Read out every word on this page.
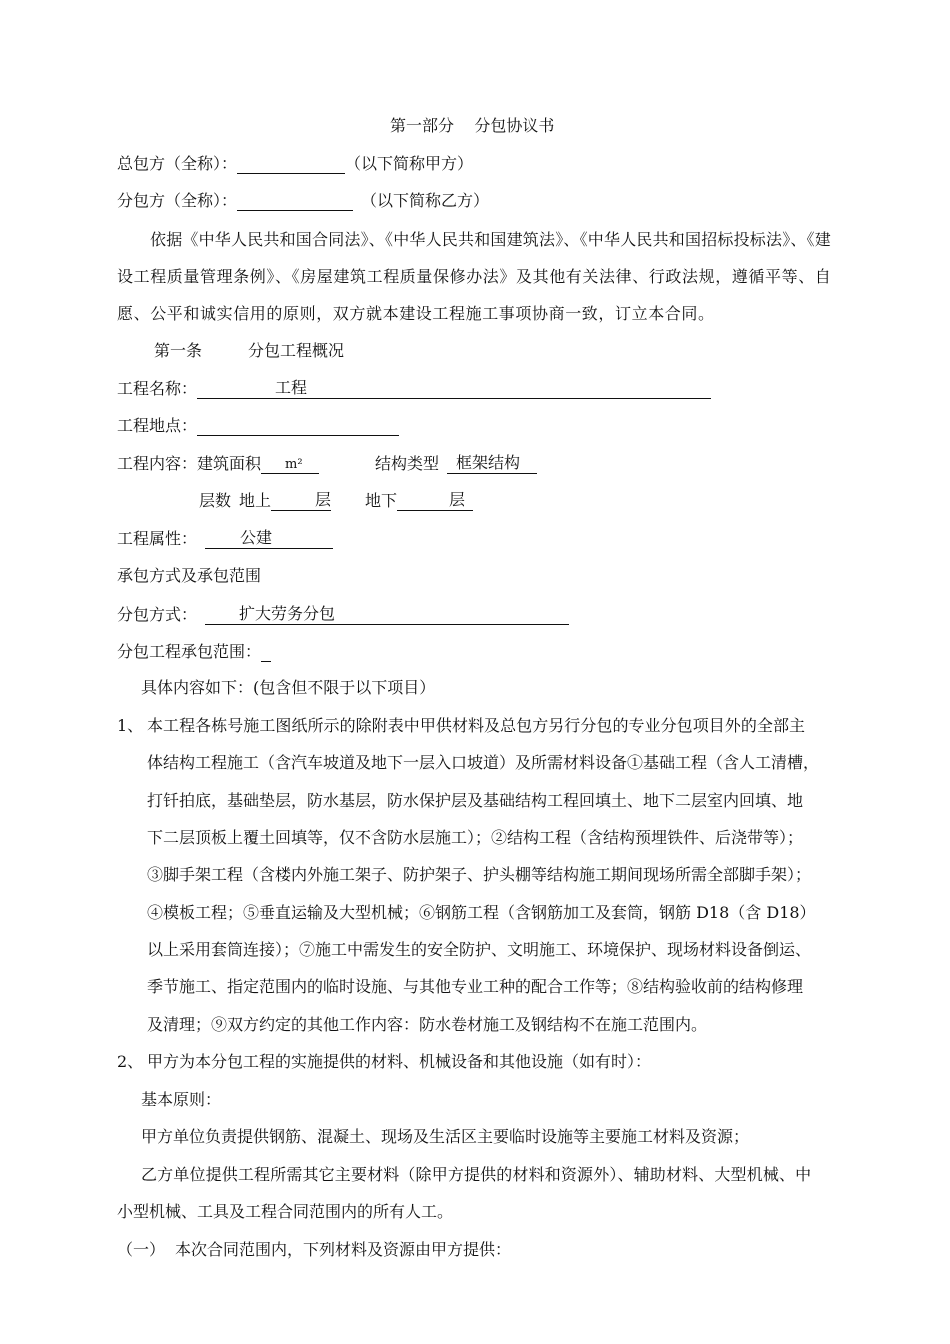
第一部分    分包协议书
总包方（全称）：	（以下简称甲方）
分包方（全称）：	（以下简称乙方）
依据《中华人民共和国合同法》、《中华人民共和国建筑法》、《中华人民共和国招标投标法》、《建
设工程质量管理条例》、《房屋建筑工程质量保修办法》及其他有关法律、行政法规，遵循平等、自
愿、公平和诚实信用的原则，双方就本建设工程施工事项协商一致，订立本合同。
第一条	分包工程概况
工程名称：	工程
工程地点：
工程内容：建筑面积 m²	结构类型 框架结构
层数 地上	层 地下	层
工程属性：	公建
承包方式及承包范围
分包方式：	扩大劳务分包
分包工程承包范围：
具体内容如下：(包含但不限于以下项目）
1、 本工程各栋号施工图纸所示的除附表中甲供材料及总包方另行分包的专业分包项目外的全部主
体结构工程施工（含汽车坡道及地下一层入口坡道）及所需材料设备①基础工程（含人工清槽，
打钎拍底，基础垫层，防水基层，防水保护层及基础结构工程回填土、地下二层室内回填、地
下二层顶板上覆土回填等，仅不含防水层施工）；②结构工程（含结构预埋铁件、后浇带等）；
③脚手架工程（含楼内外施工架子、防护架子、护头棚等结构施工期间现场所需全部脚手架）；
④模板工程；⑤垂直运输及大型机械；⑥钢筋工程（含钢筋加工及套筒，钢筋 D18（含 D18）
以上采用套筒连接）；⑦施工中需发生的安全防护、文明施工、环境保护、现场材料设备倒运、
季节施工、指定范围内的临时设施、与其他专业工种的配合工作等；⑧结构验收前的结构修理
及清理；⑨双方约定的其他工作内容：防水卷材施工及钢结构不在施工范围内。
2、 甲方为本分包工程的实施提供的材料、机械设备和其他设施（如有时）：
基本原则：
甲方单位负责提供钢筋、混凝土、现场及生活区主要临时设施等主要施工材料及资源；
乙方单位提供工程所需其它主要材料（除甲方提供的材料和资源外）、辅助材料、大型机械、中
小型机械、工具及工程合同范围内的所有人工。
（一） 本次合同范围内，下列材料及资源由甲方提供：
